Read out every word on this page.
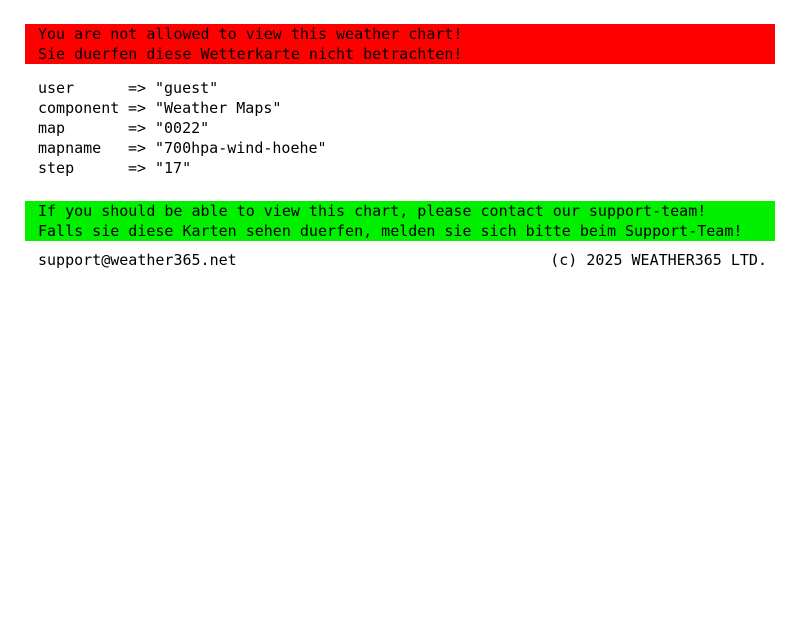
You are not allowed to view this weather chart!
Sie duerfen diese Wetterkarte nicht betrachten!
user	=> "guest"
component => "Weather Maps"
map	=> "0022"
mapname	=> "700hpa-wind-hoehe"
step	=> "17"
If you should be able to view this chart, please contact our support-team!
Falls sie diese Karten sehen duerfen, melden sie sich bitte beim Support-Team!
support@weather365.net	(c) 2025 WEATHER365 LTD.
